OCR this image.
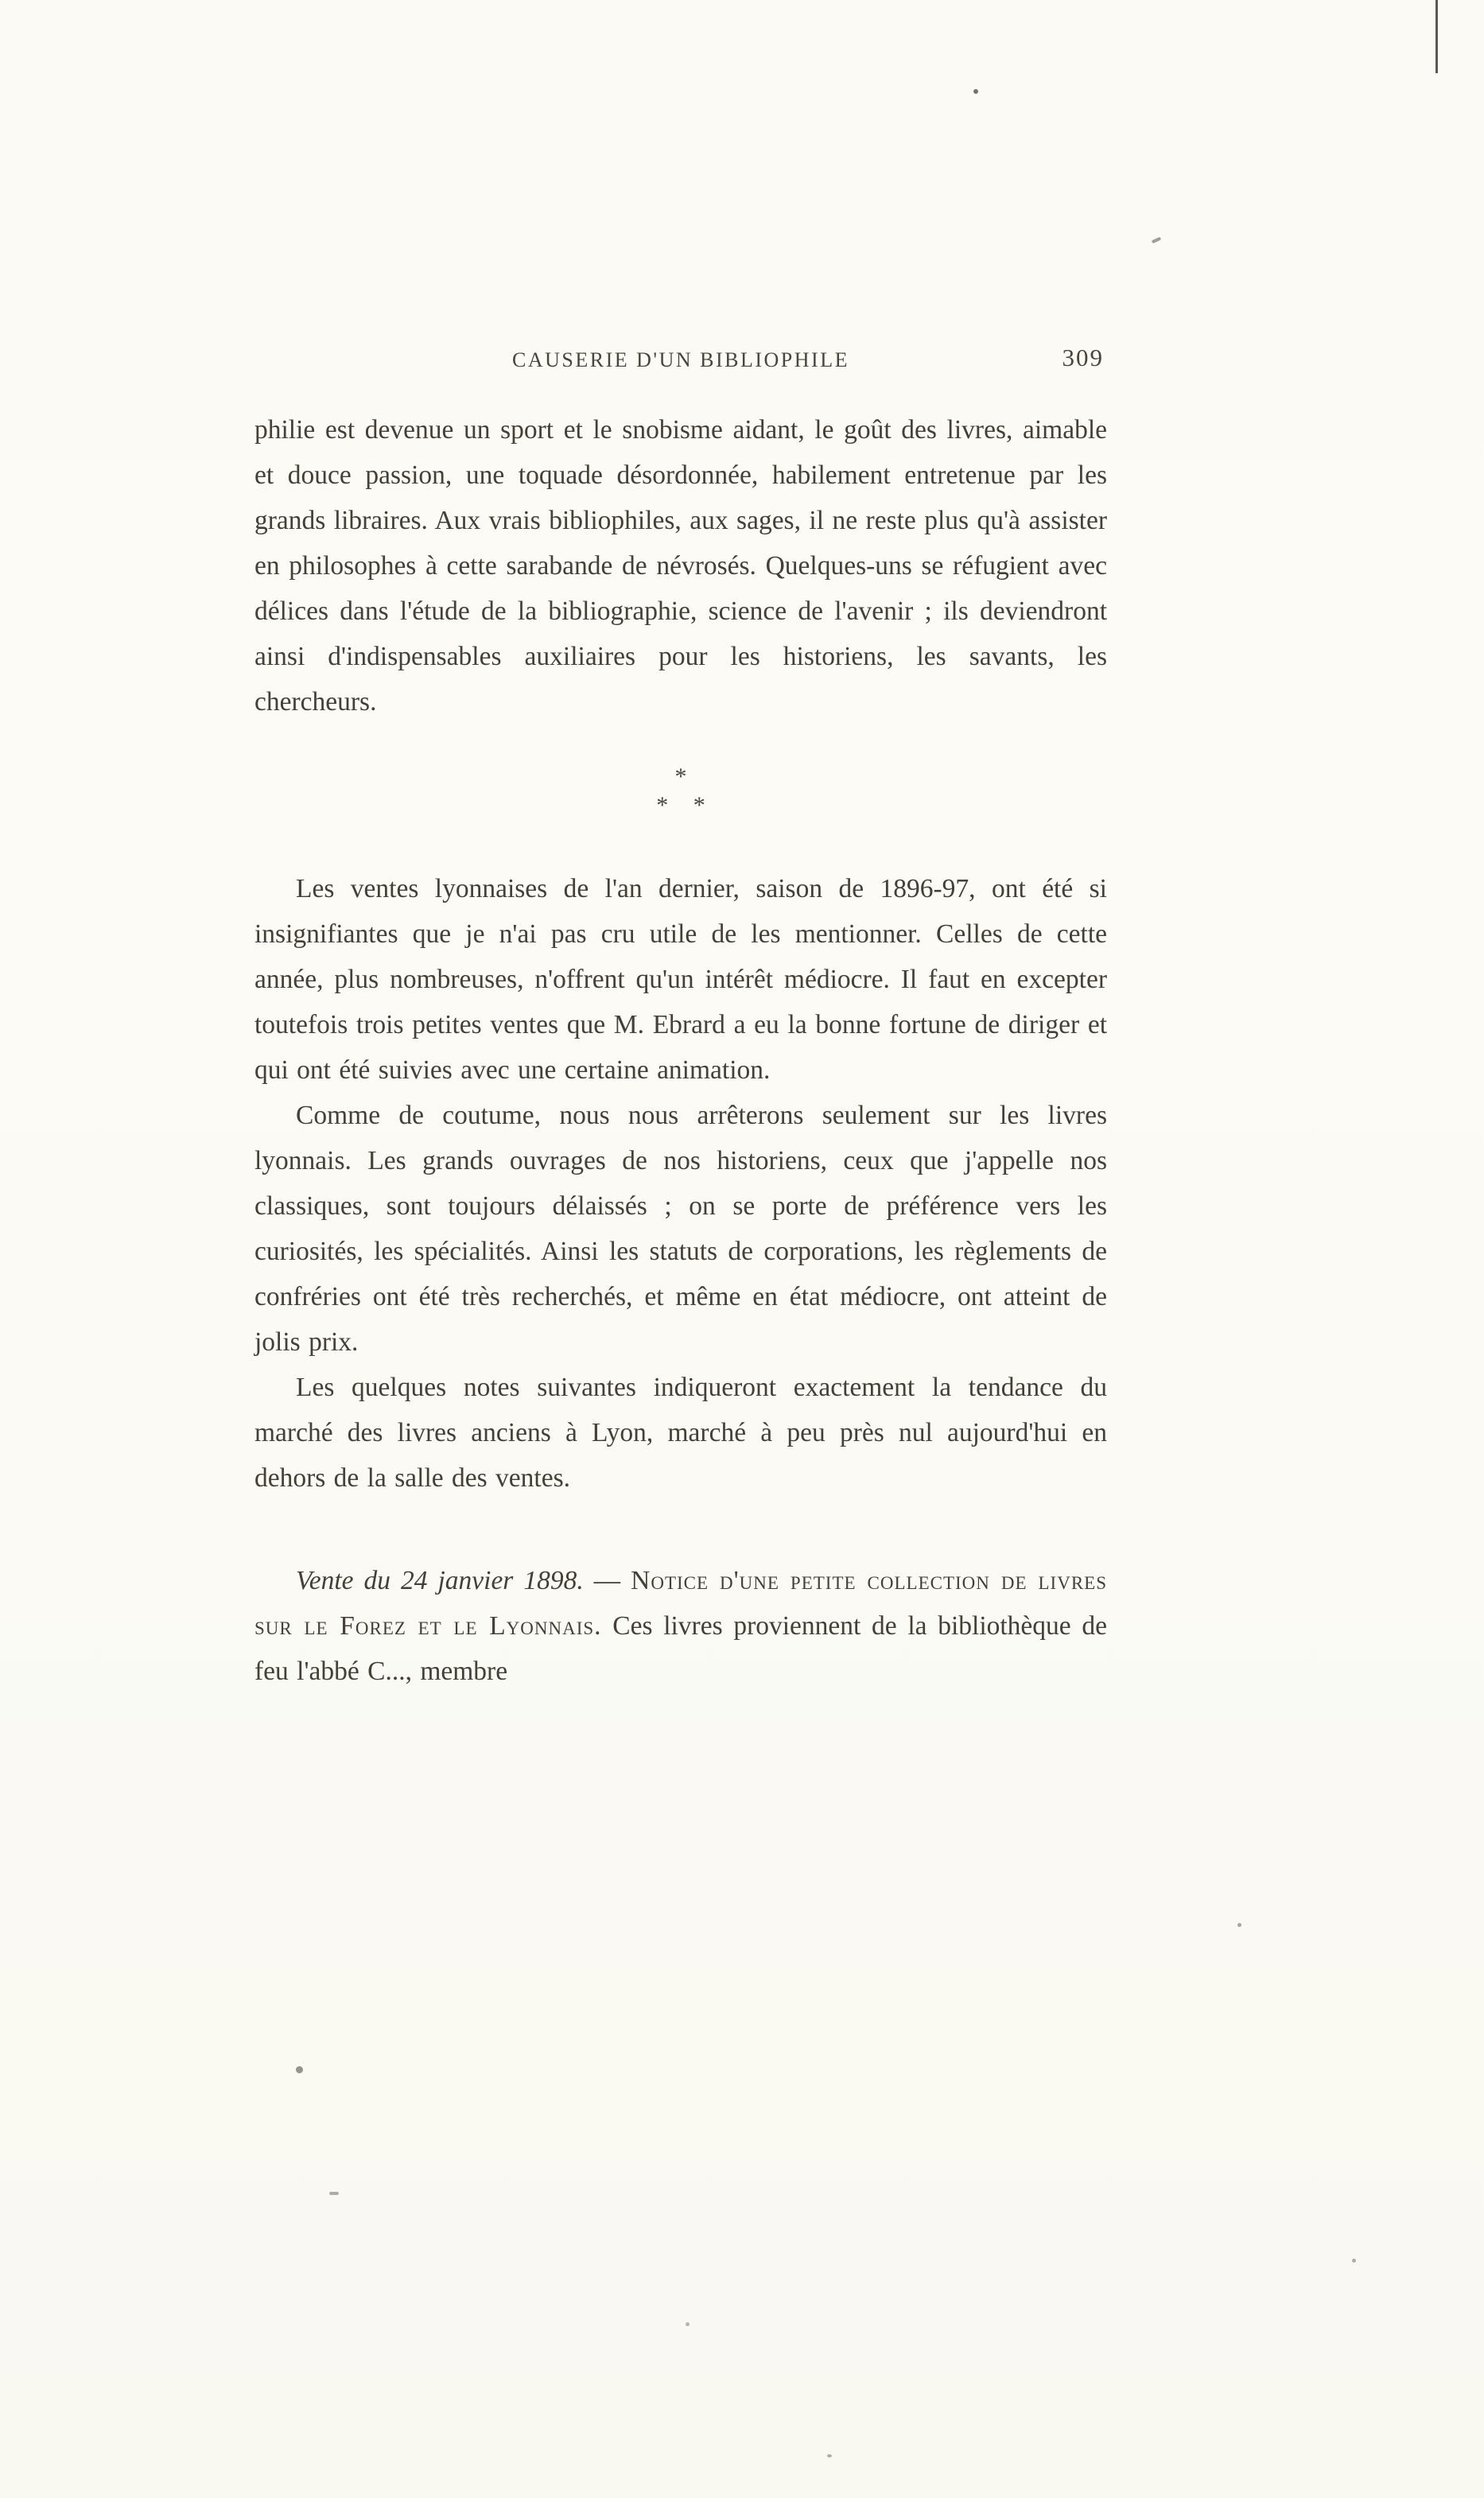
CAUSERIE D'UN BIBLIOPHILE	309

philie est devenue un sport et le snobisme aidant, le goût des livres, aimable et douce passion, une toquade désordonnée, habilement entretenue par les grands libraires. Aux vrais bibliophiles, aux sages, il ne reste plus qu'à assister en philosophes à cette sarabande de névrosés. Quelques-uns se réfugient avec délices dans l'étude de la bibliographie, science de l'avenir ; ils deviendront ainsi d'indispensables auxiliaires pour les historiens, les savants, les chercheurs.

*
* *

Les ventes lyonnaises de l'an dernier, saison de 1896-97, ont été si insignifiantes que je n'ai pas cru utile de les mentionner. Celles de cette année, plus nombreuses, n'offrent qu'un intérêt médiocre. Il faut en excepter toutefois trois petites ventes que M. Ebrard a eu la bonne fortune de diriger et qui ont été suivies avec une certaine animation.

Comme de coutume, nous nous arrêterons seulement sur les livres lyonnais. Les grands ouvrages de nos historiens, ceux que j'appelle nos classiques, sont toujours délaissés ; on se porte de préférence vers les curiosités, les spécialités. Ainsi les statuts de corporations, les règlements de confréries ont été très recherchés, et même en état médiocre, ont atteint de jolis prix.

Les quelques notes suivantes indiqueront exactement la tendance du marché des livres anciens à Lyon, marché à peu près nul aujourd'hui en dehors de la salle des ventes.

Vente du 24 janvier 1898. — Notice d'une petite collection de livres sur le Forez et le Lyonnais. Ces livres proviennent de la bibliothèque de feu l'abbé C..., membre
